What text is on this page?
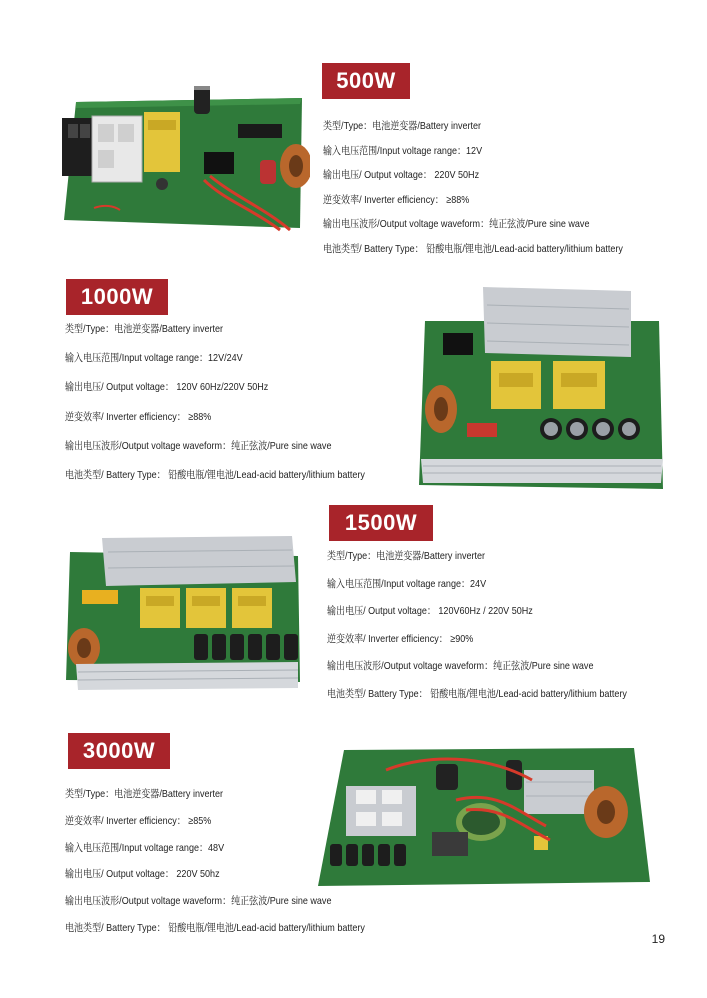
500W
类型/Type：电池逆变器/Battery inverter
输入电压范围/Input voltage range：12V
输出电压/ Output voltage： 220V 50Hz
逆变效率/ Inverter efficiency： ≥88%
输出电压波形/Output voltage waveform：纯正弦波/Pure sine wave
电池类型/ Battery Type： 铅酸电瓶/锂电池/Lead-acid battery/lithium battery
1000W
类型/Type：电池逆变器/Battery inverter
输入电压范围/Input voltage range：12V/24V
输出电压/ Output voltage： 120V 60Hz/220V 50Hz
逆变效率/ Inverter efficiency： ≥88%
输出电压波形/Output voltage waveform：纯正弦波/Pure sine wave
电池类型/ Battery Type： 铅酸电瓶/锂电池/Lead-acid battery/lithium battery
1500W
类型/Type：电池逆变器/Battery inverter
输入电压范围/Input voltage range：24V
输出电压/ Output voltage： 120V60Hz / 220V 50Hz
逆变效率/ Inverter efficiency： ≥90%
输出电压波形/Output voltage waveform：纯正弦波/Pure sine wave
电池类型/ Battery Type： 铅酸电瓶/锂电池/Lead-acid battery/lithium battery
3000W
类型/Type：电池逆变器/Battery inverter
逆变效率/ Inverter efficiency： ≥85%
输入电压范围/Input voltage range：48V
输出电压/ Output voltage： 220V 50hz
输出电压波形/Output voltage waveform：纯正弦波/Pure sine wave
电池类型/ Battery Type： 铅酸电瓶/锂电池/Lead-acid battery/lithium battery
19
